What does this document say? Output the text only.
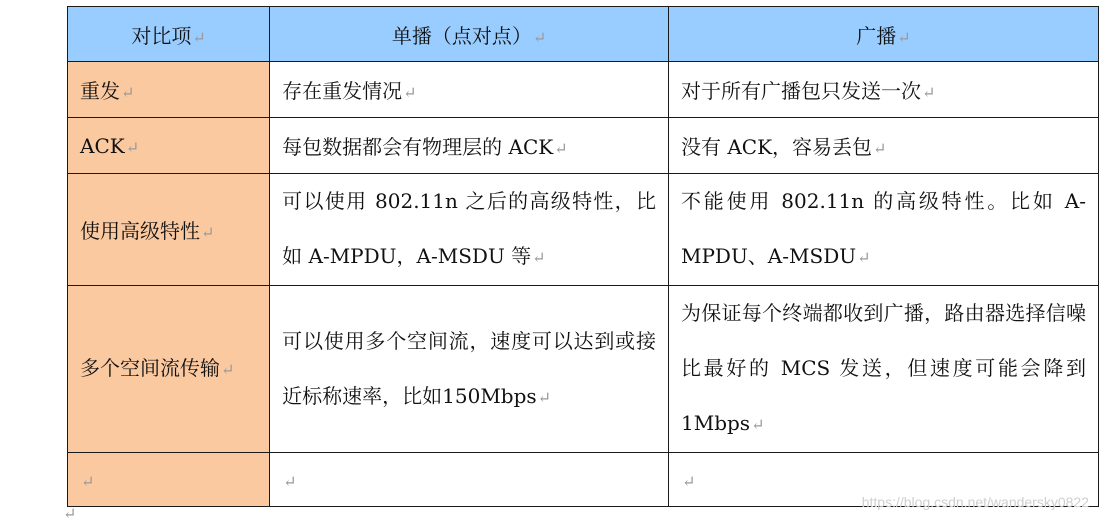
对比项↵	单播（点对点）↵	广播↵
重发↵	存在重发情况↵	对于所有广播包只发送一次↵
ACK↵	每包数据都会有物理层的 ACK↵	没有 ACK，容易丢包↵
使用高级特性↵	可以使用 802.11n 之后的高级特性，比如 A-MPDU，A-MSDU 等↵	不能使用 802.11n 的高级特性。比如 A-MPDU、A-MSDU↵

多个空间流传输↵	可以使用多个空间流，速度可以达到或接近标称速率，比如150Mbps↵	为保证每个终端都收到广播，路由器选择信噪比最好的 MCS 发送，但速度可能会降到 1Mbps↵

↵	↵	↵
↵
https://blog.csdn.net/wandersky0822
